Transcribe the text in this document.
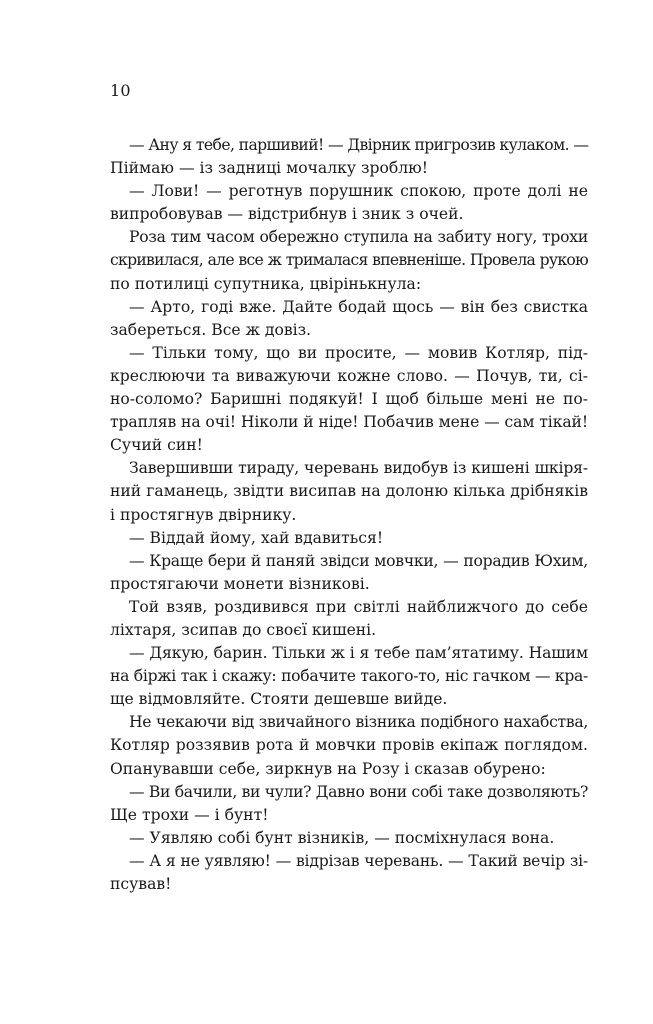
10
— Ану я тебе, паршивий! — Двірник пригрозив кулаком. —
Піймаю — із задниці мочалку зроблю!
— Лови! — реготнув порушник спокою, проте долі не
випробовував — відстрибнув і зник з очей.
Роза тим часом обережно ступила на забиту ногу, трохи
скривилася, але все ж трималася впевненіше. Провела рукою
по потилиці супутника, цвірінькнула:
— Арто, годі вже. Дайте бодай щось — він без свистка
забереться. Все ж довіз.
— Тільки тому, що ви просите, — мовив Котляр, під-
креслюючи та виважуючи кожне слово. — Почув, ти, сі-
но-соломо? Баришні подякуй! І щоб більше мені не по-
трапляв на очі! Ніколи й ніде! Побачив мене — сам тікай!
Сучий син!
Завершивши тираду, черевань видобув із кишені шкіря-
ний гаманець, звідти висипав на долоню кілька дрібняків
і простягнув двірнику.
— Віддай йому, хай вдавиться!
— Краще бери й паняй звідси мовчки, — порадив Юхим,
простягаючи монети візникові.
Той взяв, роздивився при світлі найближчого до себе
ліхтаря, зсипав до своєї кишені.
— Дякую, барин. Тільки ж і я тебе пам’ятатиму. Нашим
на біржі так і скажу: побачите такого-то, ніс гачком — кра-
ще відмовляйте. Стояти дешевше вийде.
Не чекаючи від звичайного візника подібного нахабства,
Котляр роззявив рота й мовчки провів екіпаж поглядом.
Опанувавши себе, зиркнув на Розу і сказав обурено:
— Ви бачили, ви чули? Давно вони собі таке дозволяють?
Ще трохи — і бунт!
— Уявляю собі бунт візників, — посміхнулася вона.
— А я не уявляю! — відрізав черевань. — Такий вечір зі-
псував!
